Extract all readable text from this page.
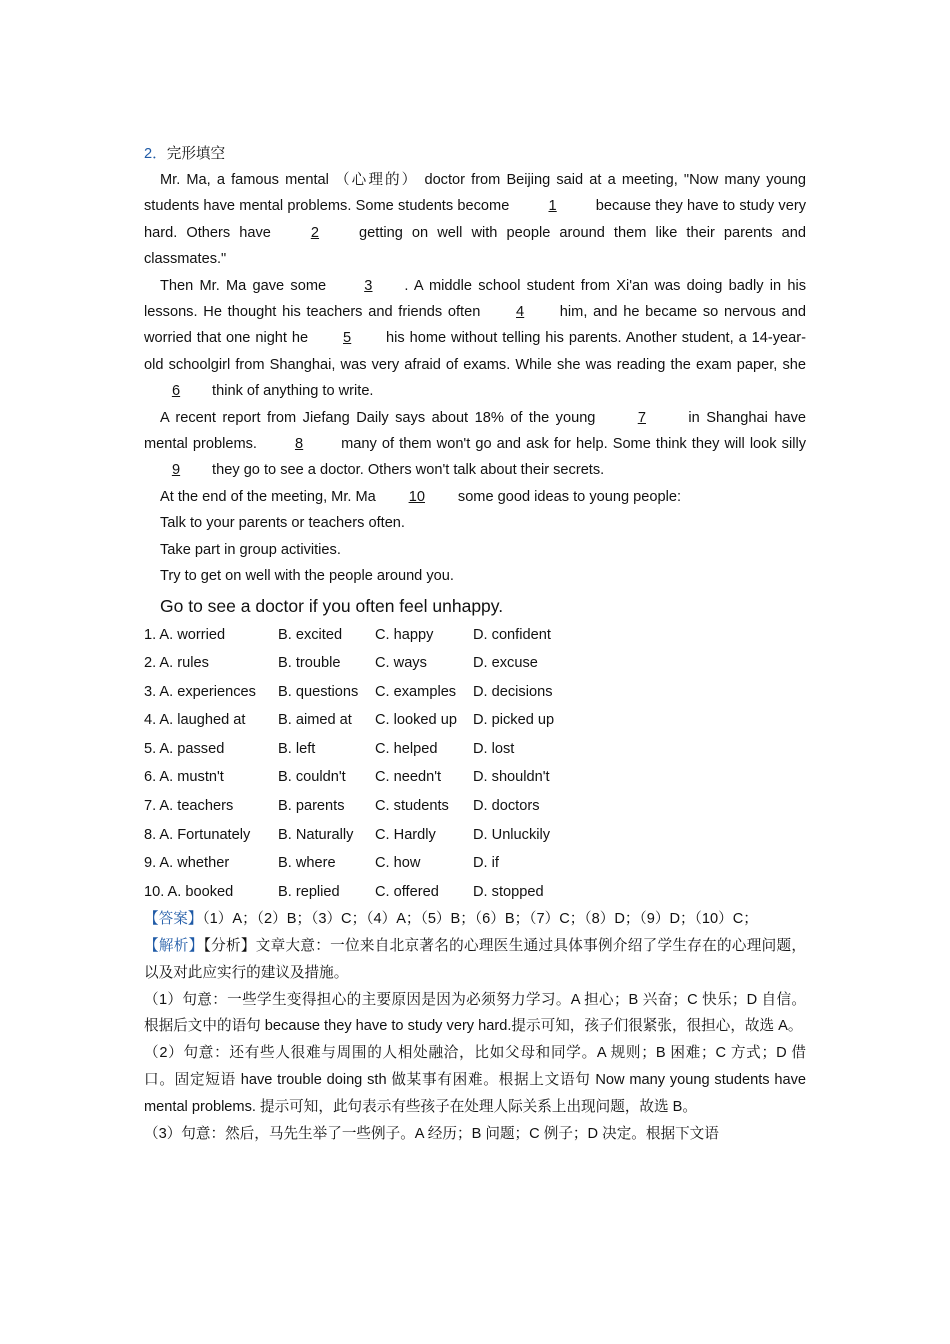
2．完形填空

Mr. Ma, a famous mental （心理的） doctor from Beijing said at a meeting, "Now many young students have mental problems. Some students become 1 because they have to study very hard. Others have 2 getting on well with people around them like their parents and classmates."

Then Mr. Ma gave some 3 . A middle school student from Xi'an was doing badly in his lessons. He thought his teachers and friends often 4 him, and he became so nervous and worried that one night he 5 his home without telling his parents. Another student, a 14-year-old schoolgirl from Shanghai, was very afraid of exams. While she was reading the exam paper, she 6 think of anything to write.

A recent report from Jiefang Daily says about 18% of the young 7 in Shanghai have mental problems. 8 many of them won't go and ask for help. Some think they will look silly 9 they go to see a doctor. Others won't talk about their secrets.

At the end of the meeting, Mr. Ma 10 some good ideas to young people:

Talk to your parents or teachers often.
Take part in group activities.
Try to get on well with the people around you.
Go to see a doctor if you often feel unhappy.
1. A. worried	B. excited	C. happy	D. confident
2. A. rules	B. trouble	C. ways	D. excuse
3. A. experiences	B. questions	C. examples	D. decisions
4. A. laughed at	B. aimed at	C. looked up	D. picked up
5. A. passed	B. left	C. helped	D. lost
6. A. mustn't	B. couldn't	C. needn't	D. shouldn't
7. A. teachers	B. parents	C. students	D. doctors
8. A. Fortunately	B. Naturally	C. Hardly	D. Unluckily
9. A. whether	B. where	C. how	D. if
10. A. booked	B. replied	C. offered	D. stopped
【答案】（1）A；（2）B；（3）C；（4）A；（5）B；（6）B；（7）C；（8）D；（9）D；（10）C；
【解析】【分析】文章大意：一位来自北京著名的心理医生通过具体事例介绍了学生存在的心理问题，以及对此应实行的建议及措施。
（1）句意：一些学生变得担心的主要原因是因为必须努力学习。A 担心；B 兴奋；C 快乐；D 自信。根据后文中的语句 because they have to study very hard.提示可知，孩子们很紧张，很担心，故选 A。
（2）句意：还有些人很难与周围的人相处融洽，比如父母和同学。A 规则；B 困难；C 方式；D 借口。固定短语 have trouble doing sth 做某事有困难。根据上文语句 Now many young students have mental problems. 提示可知，此句表示有些孩子在处理人际关系上出现问题，故选 B。
（3）句意：然后，马先生举了一些例子。A 经历；B 问题；C 例子；D 决定。根据下文语
